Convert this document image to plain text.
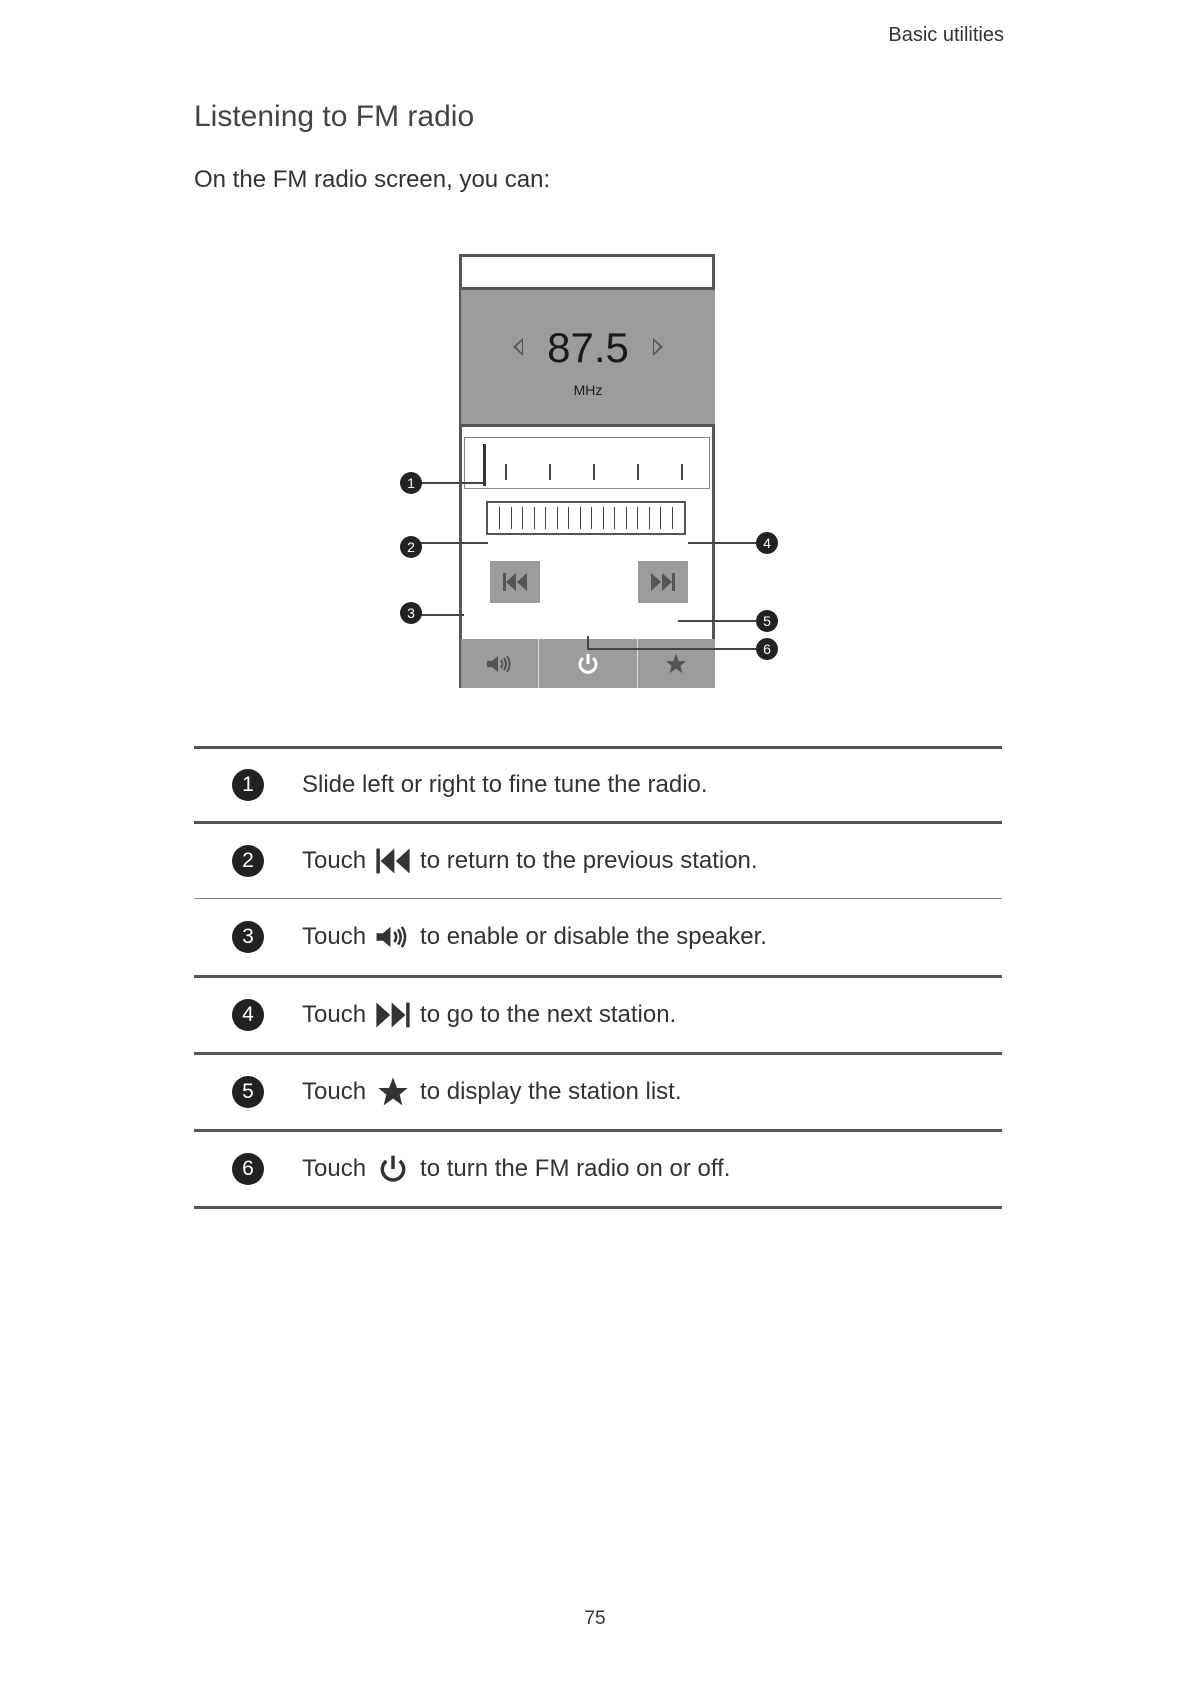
Basic utilities
Listening to FM radio
On the FM radio screen, you can:
87.5
MHz
1
2
3
4
5
6
1	Slide left or right to fine tune the radio.
2	Touch to return to the previous station.
3	Touch to enable or disable the speaker.
4	Touch to go to the next station.
5	Touch to display the station list.
6	Touch to turn the FM radio on or off.
75
